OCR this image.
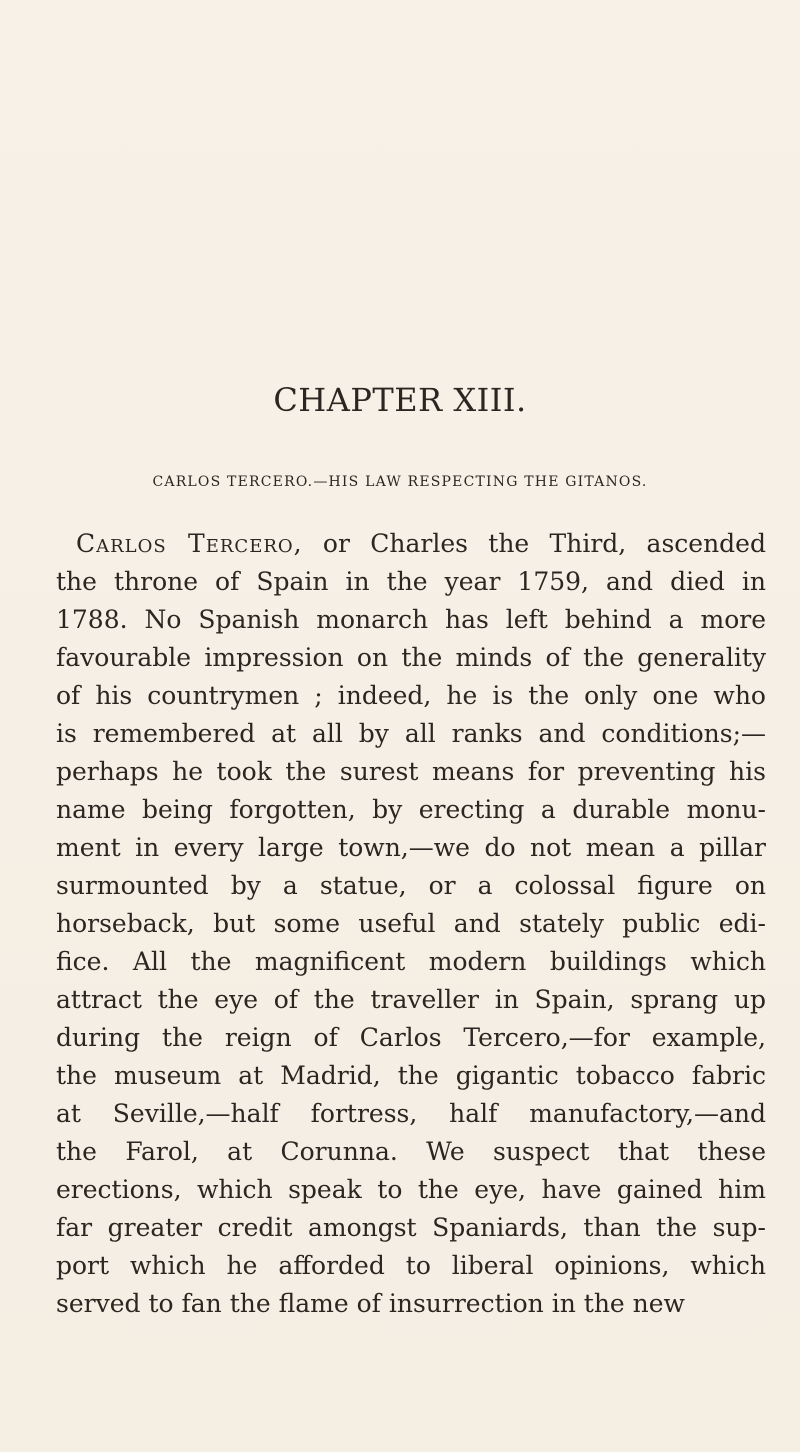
CHAPTER XIII.
CARLOS TERCERO.—HIS LAW RESPECTING THE GITANOS.
Carlos Tercero, or Charles the Third, ascended
the throne of Spain in the year 1759, and died in
1788. No Spanish monarch has left behind a more
favourable impression on the minds of the generality
of his countrymen ; indeed, he is the only one who
is remembered at all by all ranks and conditions;—
perhaps he took the surest means for preventing his
name being forgotten, by erecting a durable monu-
ment in every large town,—we do not mean a pillar
surmounted by a statue, or a colossal figure on
horseback, but some useful and stately public edi-
fice. All the magnificent modern buildings which
attract the eye of the traveller in Spain, sprang up
during the reign of Carlos Tercero,—for example,
the museum at Madrid, the gigantic tobacco fabric
at Seville,—half fortress, half manufactory,—and
the Farol, at Corunna. We suspect that these
erections, which speak to the eye, have gained him
far greater credit amongst Spaniards, than the sup-
port which he afforded to liberal opinions, which
served to fan the flame of insurrection in the new
